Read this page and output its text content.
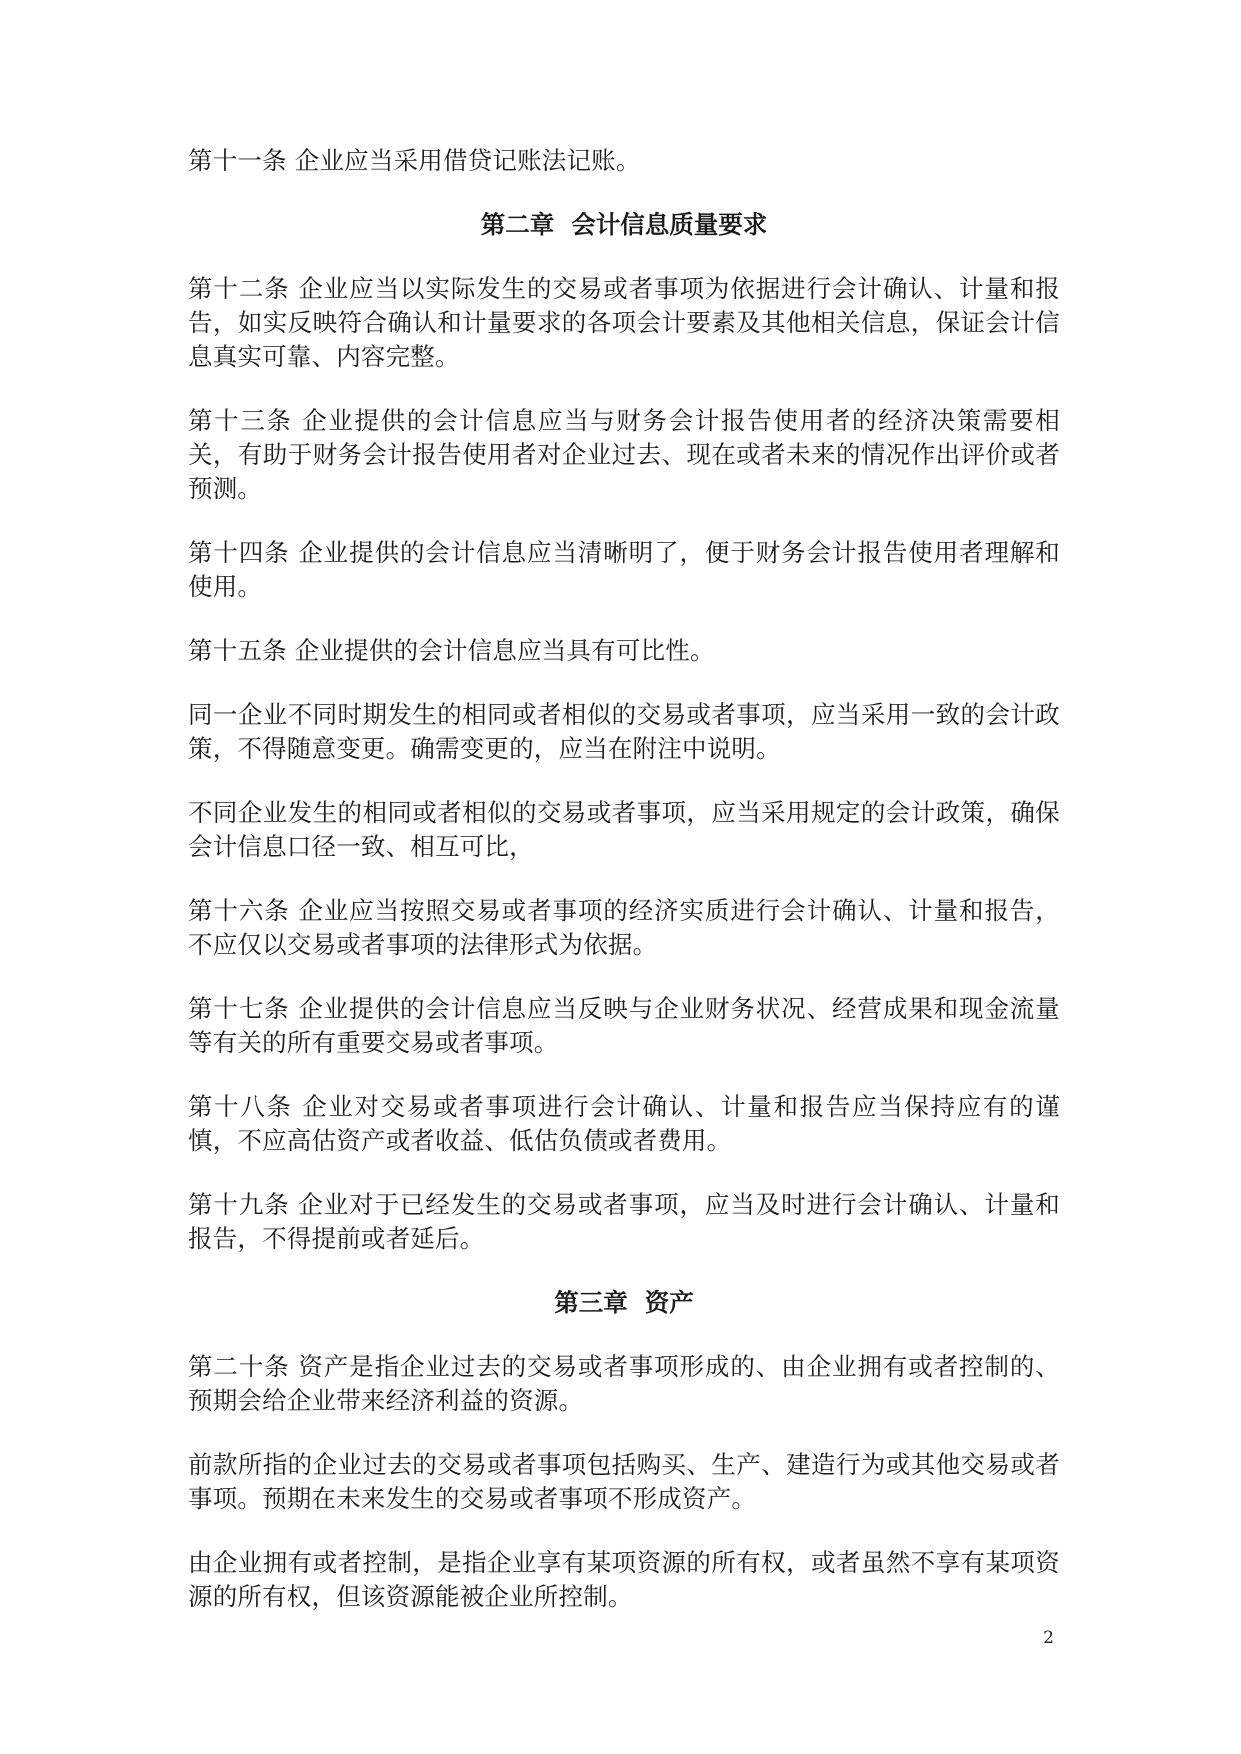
第十一条 企业应当采用借贷记账法记账。

第二章  会计信息质量要求

第十二条 企业应当以实际发生的交易或者事项为依据进行会计确认、计量和报告，如实反映符合确认和计量要求的各项会计要素及其他相关信息，保证会计信息真实可靠、内容完整。

第十三条 企业提供的会计信息应当与财务会计报告使用者的经济决策需要相关，有助于财务会计报告使用者对企业过去、现在或者未来的情况作出评价或者预测。

第十四条 企业提供的会计信息应当清晰明了，便于财务会计报告使用者理解和使用。

第十五条 企业提供的会计信息应当具有可比性。

同一企业不同时期发生的相同或者相似的交易或者事项，应当采用一致的会计政策，不得随意变更。确需变更的，应当在附注中说明。

不同企业发生的相同或者相似的交易或者事项，应当采用规定的会计政策，确保会计信息口径一致、相互可比，

第十六条 企业应当按照交易或者事项的经济实质进行会计确认、计量和报告，不应仅以交易或者事项的法律形式为依据。

第十七条 企业提供的会计信息应当反映与企业财务状况、经营成果和现金流量等有关的所有重要交易或者事项。

第十八条 企业对交易或者事项进行会计确认、计量和报告应当保持应有的谨慎，不应高估资产或者收益、低估负债或者费用。

第十九条 企业对于已经发生的交易或者事项，应当及时进行会计确认、计量和报告，不得提前或者延后。

第三章  资产

第二十条 资产是指企业过去的交易或者事项形成的、由企业拥有或者控制的、预期会给企业带来经济利益的资源。

前款所指的企业过去的交易或者事项包括购买、生产、建造行为或其他交易或者事项。预期在未来发生的交易或者事项不形成资产。

由企业拥有或者控制，是指企业享有某项资源的所有权，或者虽然不享有某项资源的所有权，但该资源能被企业所控制。

2
